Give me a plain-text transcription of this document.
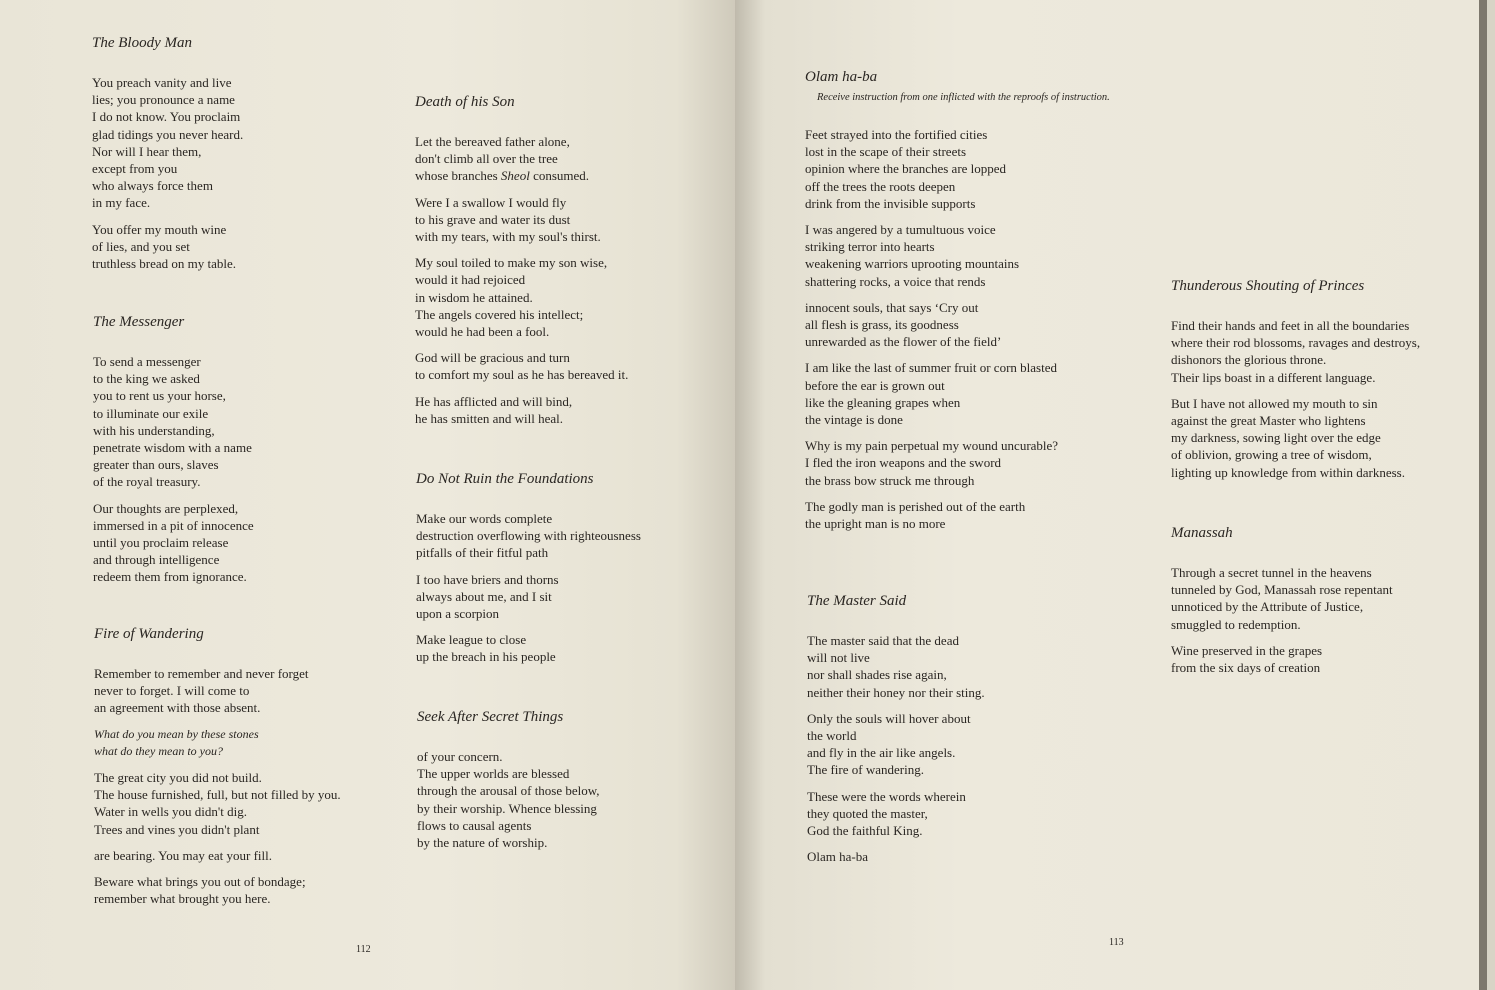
The Bloody Man
You preach vanity and live
lies; you pronounce a name
I do not know. You proclaim
glad tidings you never heard.
Nor will I hear them,
except from you
who always force them
in my face.
You offer my mouth wine
of lies, and you set
truthless bread on my table.
The Messenger
To send a messenger
to the king we asked
you to rent us your horse,
to illuminate our exile
with his understanding,
penetrate wisdom with a name
greater than ours, slaves
of the royal treasury.
Our thoughts are perplexed,
immersed in a pit of innocence
until you proclaim release
and through intelligence
redeem them from ignorance.
Fire of Wandering
Remember to remember and never forget
never to forget. I will come to
an agreement with those absent.
What do you mean by these stones
what do they mean to you?
The great city you did not build.
The house furnished, full, but not filled by you.
Water in wells you didn't dig.
Trees and vines you didn't plant
are bearing. You may eat your fill.
Beware what brings you out of bondage;
remember what brought you here.
Death of his Son
Let the bereaved father alone,
don't climb all over the tree
whose branches Sheol consumed.
Were I a swallow I would fly
to his grave and water its dust
with my tears, with my soul's thirst.
My soul toiled to make my son wise,
would it had rejoiced
in wisdom he attained.
The angels covered his intellect;
would he had been a fool.
God will be gracious and turn
to comfort my soul as he has bereaved it.
He has afflicted and will bind,
he has smitten and will heal.
Do Not Ruin the Foundations
Make our words complete
destruction overflowing with righteousness
pitfalls of their fitful path
I too have briers and thorns
always about me, and I sit
upon a scorpion
Make league to close
up the breach in his people
Seek After Secret Things
of your concern.
The upper worlds are blessed
through the arousal of those below,
by their worship. Whence blessing
flows to causal agents
by the nature of worship.
112
Olam ha-ba
Receive instruction from one inflicted with the reproofs of instruction.
Feet strayed into the fortified cities
lost in the scape of their streets
opinion where the branches are lopped
off the trees the roots deepen
drink from the invisible supports
I was angered by a tumultuous voice
striking terror into hearts
weakening warriors uprooting mountains
shattering rocks, a voice that rends
innocent souls, that says ‘Cry out
all flesh is grass, its goodness
unrewarded as the flower of the field’
I am like the last of summer fruit or corn blasted
before the ear is grown out
like the gleaning grapes when
the vintage is done
Why is my pain perpetual my wound uncurable?
I fled the iron weapons and the sword
the brass bow struck me through
The godly man is perished out of the earth
the upright man is no more
The Master Said
The master said that the dead
will not live
nor shall shades rise again,
neither their honey nor their sting.
Only the souls will hover about
the world
and fly in the air like angels.
The fire of wandering.
These were the words wherein
they quoted the master,
God the faithful King.
Olam ha-ba
Thunderous Shouting of Princes
Find their hands and feet in all the boundaries
where their rod blossoms, ravages and destroys,
dishonors the glorious throne.
Their lips boast in a different language.
But I have not allowed my mouth to sin
against the great Master who lightens
my darkness, sowing light over the edge
of oblivion, growing a tree of wisdom,
lighting up knowledge from within darkness.
Manassah
Through a secret tunnel in the heavens
tunneled by God, Manassah rose repentant
unnoticed by the Attribute of Justice,
smuggled to redemption.
Wine preserved in the grapes
from the six days of creation
113
